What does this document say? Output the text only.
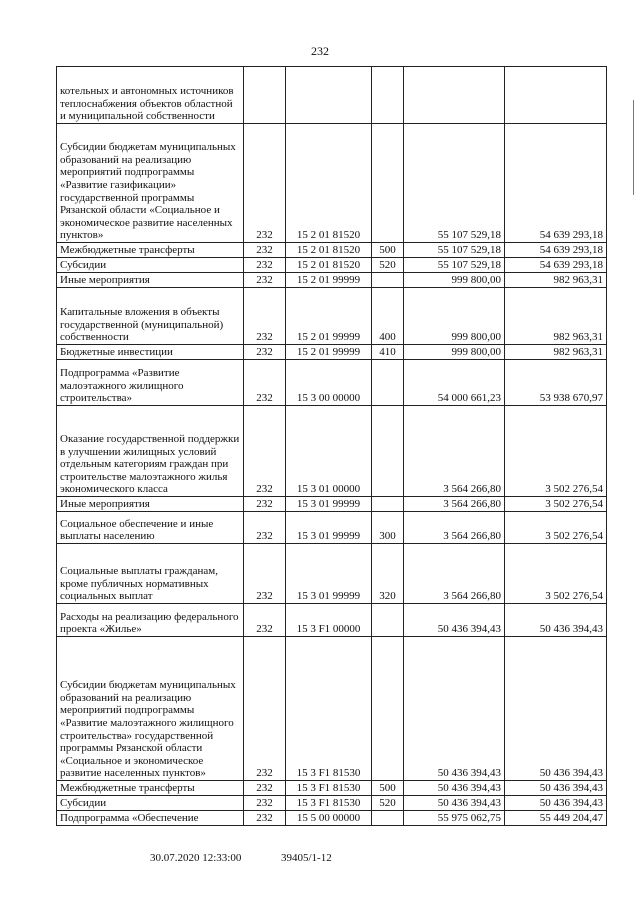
232
котельных и автономных источников теплоснабжения объектов областной и муниципальной собственности					
Субсидии бюджетам муниципальных образований на реализацию мероприятий подпрограммы «Развитие газификации» государственной программы Рязанской области «Социальное и экономическое развитие населенных пунктов»	232	15 2 01 81520		55 107 529,18	54 639 293,18
Межбюджетные трансферты	232	15 2 01 81520	500	55 107 529,18	54 639 293,18
Субсидии	232	15 2 01 81520	520	55 107 529,18	54 639 293,18
Иные мероприятия	232	15 2 01 99999		999 800,00	982 963,31
Капитальные вложения в объекты государственной (муниципальной) собственности	232	15 2 01 99999	400	999 800,00	982 963,31
Бюджетные инвестиции	232	15 2 01 99999	410	999 800,00	982 963,31
Подпрограмма «Развитие малоэтажного жилищного строительства»	232	15 3 00 00000		54 000 661,23	53 938 670,97
Оказание государственной поддержки в улучшении жилищных условий отдельным категориям граждан при строительстве малоэтажного жилья экономического класса	232	15 3 01 00000		3 564 266,80	3 502 276,54
Иные мероприятия	232	15 3 01 99999		3 564 266,80	3 502 276,54
Социальное обеспечение и иные выплаты населению	232	15 3 01 99999	300	3 564 266,80	3 502 276,54
Социальные выплаты гражданам, кроме публичных нормативных социальных выплат	232	15 3 01 99999	320	3 564 266,80	3 502 276,54
Расходы на реализацию федерального проекта «Жилье»	232	15 3 F1 00000		50 436 394,43	50 436 394,43
Субсидии бюджетам муниципальных образований на реализацию мероприятий подпрограммы «Развитие малоэтажного жилищного строительства» государственной программы Рязанской области «Социальное и экономическое развитие населенных пунктов»	232	15 3 F1 81530		50 436 394,43	50 436 394,43
Межбюджетные трансферты	232	15 3 F1 81530	500	50 436 394,43	50 436 394,43
Субсидии	232	15 3 F1 81530	520	50 436 394,43	50 436 394,43
Подпрограмма «Обеспечение	232	15 5 00 00000		55 975 062,75	55 449 204,47
30.07.2020 12:33:00	39405/1-12
